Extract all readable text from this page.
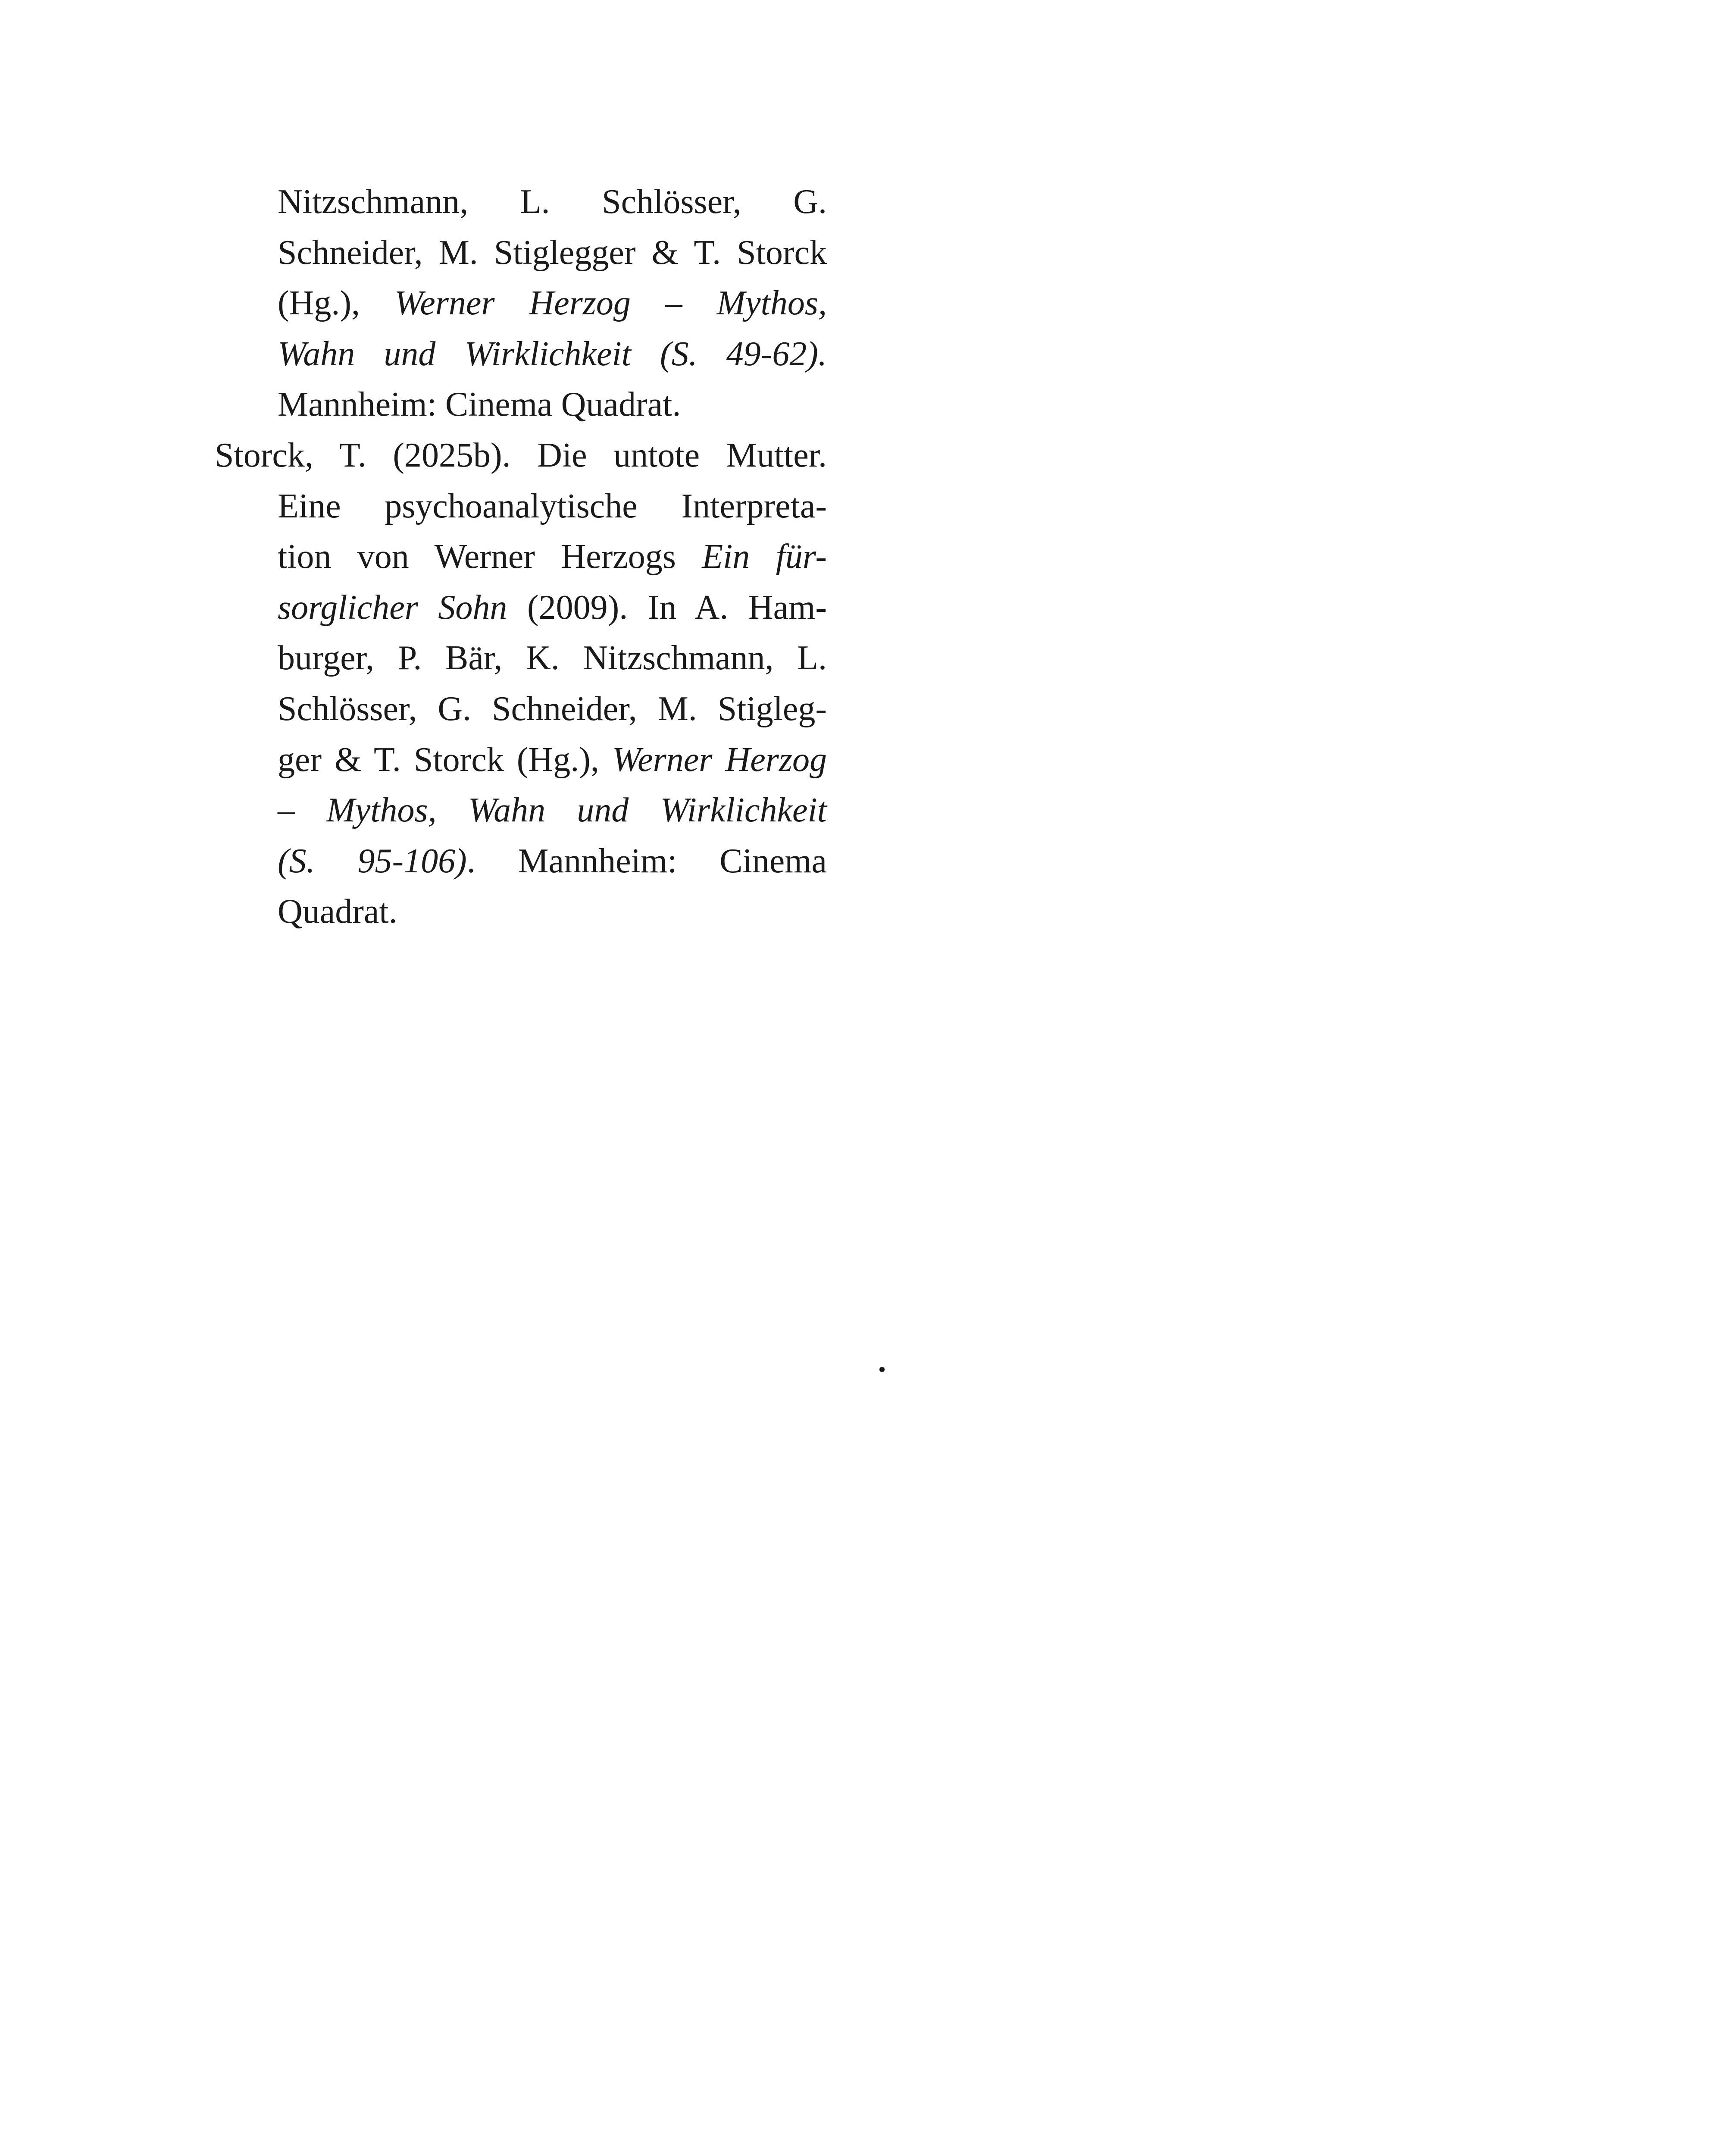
Nitzschmann, L. Schlösser, G.
Schneider, M. Stiglegger & T. Storck
(Hg.), Werner Herzog – Mythos,
Wahn und Wirklichkeit (S. 49-62).
Mannheim: Cinema Quadrat.
Storck, T. (2025b). Die untote Mutter.
Eine psychoanalytische Interpreta-
tion von Werner Herzogs Ein für-
sorglicher Sohn (2009). In A. Ham-
burger, P. Bär, K. Nitzschmann, L.
Schlösser, G. Schneider, M. Stigleg-
ger & T. Storck (Hg.), Werner Herzog
– Mythos, Wahn und Wirklichkeit
(S. 95-106). Mannheim: Cinema
Quadrat.
